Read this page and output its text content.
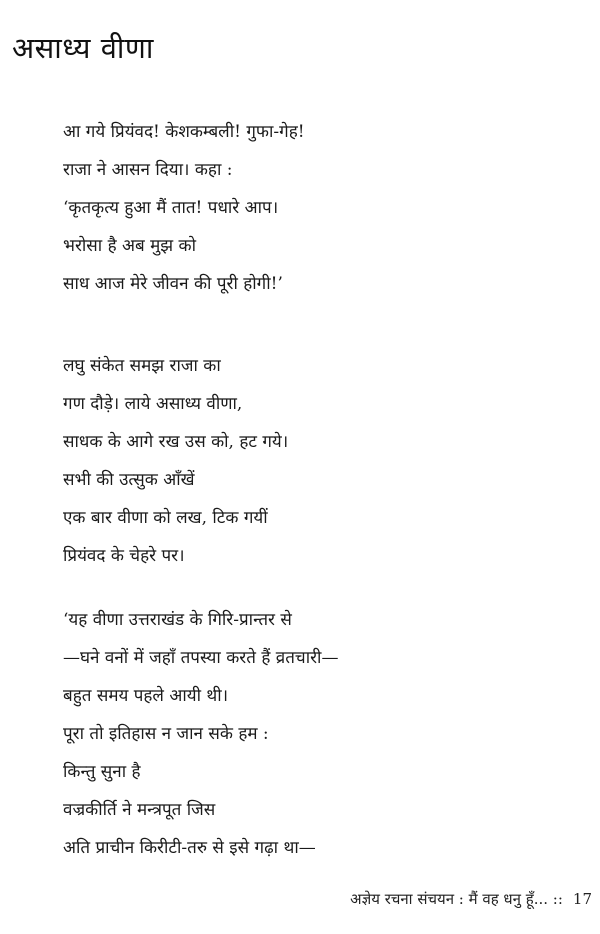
असाध्य वीणा
आ गये प्रियंवद! केशकम्बली! गुफा-गेह!
राजा ने आसन दिया। कहा :
‘कृतकृत्य हुआ मैं तात! पधारे आप।
भरोसा है अब मुझ को
साध आज मेरे जीवन की पूरी होगी!’
लघु संकेत समझ राजा का
गण दौड़े। लाये असाध्य वीणा,
साधक के आगे रख उस को, हट गये।
सभी की उत्सुक आँखें
एक बार वीणा को लख, टिक गयीं
प्रियंवद के चेहरे पर।
‘यह वीणा उत्तराखंड के गिरि-प्रान्तर से
—घने वनों में जहाँ तपस्या करते हैं व्रतचारी—
बहुत समय पहले आयी थी।
पूरा तो इतिहास न जान सके हम :
किन्तु सुना है
वज्रकीर्ति ने मन्त्रपूत जिस
अति प्राचीन किरीटी-तरु से इसे गढ़ा था—
अज्ञेय रचना संचयन : मैं वह धनु हूँ... :: 17
